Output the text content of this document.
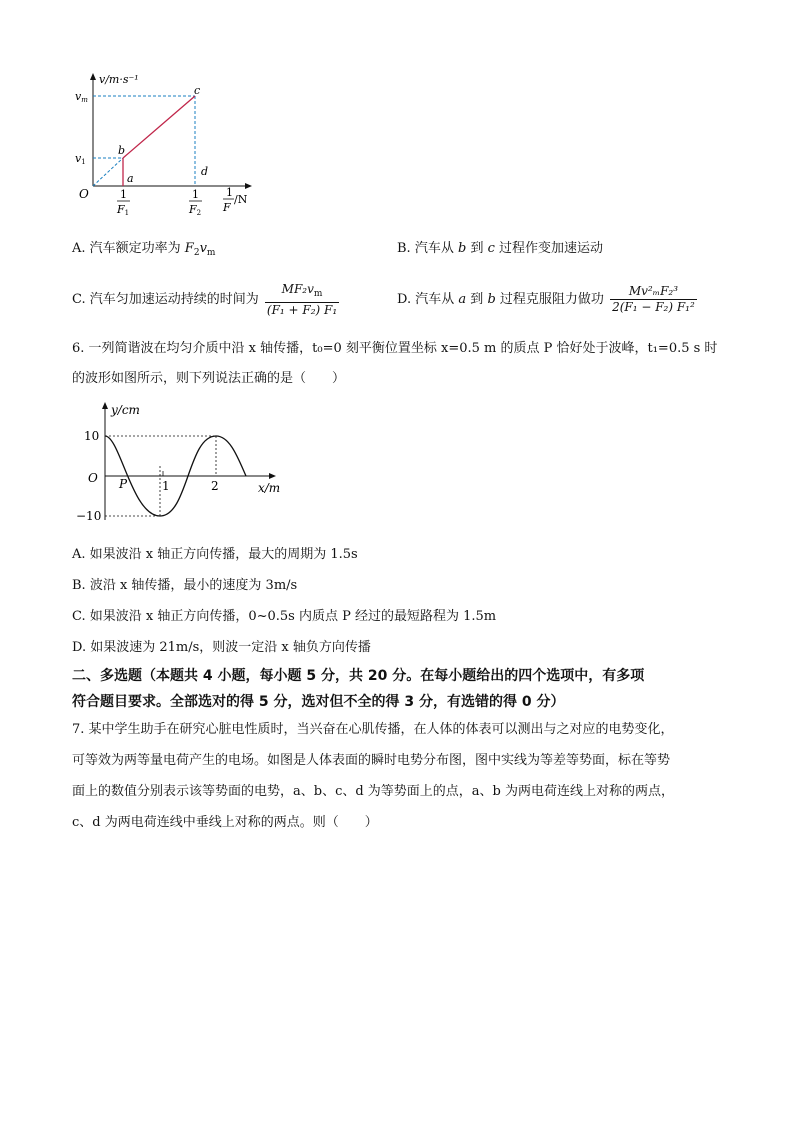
v/m·s⁻¹
vm
v1
O
a
b
c
d
1
F1
1
F2
1
F
/N
A. 汽车额定功率为 $F_2v_m$	B. 汽车从 b 到 c 过程作变加速运动
C. 汽车匀加速运动持续的时间为 $\frac{MF_2v_m}{\text{(F₁ + F₂) F₁}}$	D. 汽车从 a 到 b 过程克服阻力做功 $\frac{\text{Mv²ₘF₂³}}{\text{2(F₁ − F₂) F₁²}}$
6. 一列简谐波在均匀介质中沿 x 轴传播，t₀=0 刻平衡位置坐标 x=0.5 m 的质点 P 恰好处于波峰，t₁=0.5 s 时
的波形如图所示，则下列说法正确的是（　　）
y/cm
x/m
O
10
−10
P	1	2
A. 如果波沿 x 轴正方向传播，最大的周期为 1.5s
B. 波沿 x 轴传播，最小的速度为 3m/s
C. 如果波沿 x 轴正方向传播，0~0.5s 内质点 P 经过的最短路程为 1.5m
D. 如果波速为 21m/s，则波一定沿 x 轴负方向传播
二、多选题（本题共 4 小题，每小题 5 分，共 20 分。在每小题给出的四个选项中，有多项
符合题目要求。全部选对的得 5 分，选对但不全的得 3 分，有选错的得 0 分）
7. 某中学生助手在研究心脏电性质时，当兴奋在心肌传播，在人体的体表可以测出与之对应的电势变化，
可等效为两等量电荷产生的电场。如图是人体表面的瞬时电势分布图，图中实线为等差等势面，标在等势
面上的数值分别表示该等势面的电势，a、b、c、d 为等势面上的点，a、b 为两电荷连线上对称的两点，
c、d 为两电荷连线中垂线上对称的两点。则（　　）
